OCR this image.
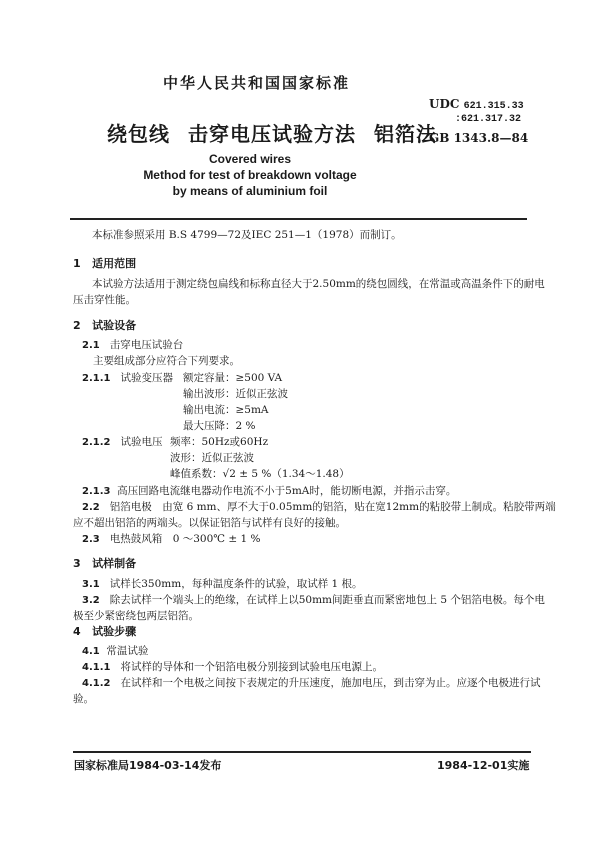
中华人民共和国国家标准
绕包线 击穿电压试验方法 铝箔法
Covered wires
Method for test of breakdown voltage
by means of aluminium foil
UDC 621.315.33
:621.317.32
GB 1343.8—84
本标准参照采用 B.S 4799—72及IEC 251—1（1978）而制订。
1 适用范围
本试验方法适用于测定绕包扁线和标称直径大于2.50mm的绕包圆线，在常温或高温条件下的耐电
压击穿性能。
2 试验设备
2.1 击穿电压试验台
主要组成部分应符合下列要求。
2.1.1 试验变压器 额定容量：≥500 VA
输出波形：近似正弦波
输出电流：≥5mA
最大压降：2 %
2.1.2 试验电压 频率：50Hz或60Hz
波形：近似正弦波
峰值系数：√2 ± 5 %（1.34～1.48）
2.1.3 高压回路电流继电器动作电流不小于5mA时，能切断电源，并指示击穿。
2.2 铝箔电极　由宽 6 mm、厚不大于0.05mm的铝箔，贴在宽12mm的粘胶带上制成。粘胶带两端
应不超出铝箔的两端头。以保证铝箔与试样有良好的接触。
2.3 电热鼓风箱　0 ～300℃ ± 1 %
3 试样制备
3.1 试样长350mm，每种温度条件的试验，取试样 1 根。
3.2 除去试样一个端头上的绝缘，在试样上以50mm间距垂直而紧密地包上 5 个铝箔电极。每个电
极至少紧密绕包两层铝箔。
4 试验步骤
4.1 常温试验
4.1.1 将试样的导体和一个铝箔电极分别接到试验电压电源上。
4.1.2 在试样和一个电极之间按下表规定的升压速度，施加电压，到击穿为止。应逐个电极进行试
验。
国家标准局1984-03-14发布	1984-12-01实施
